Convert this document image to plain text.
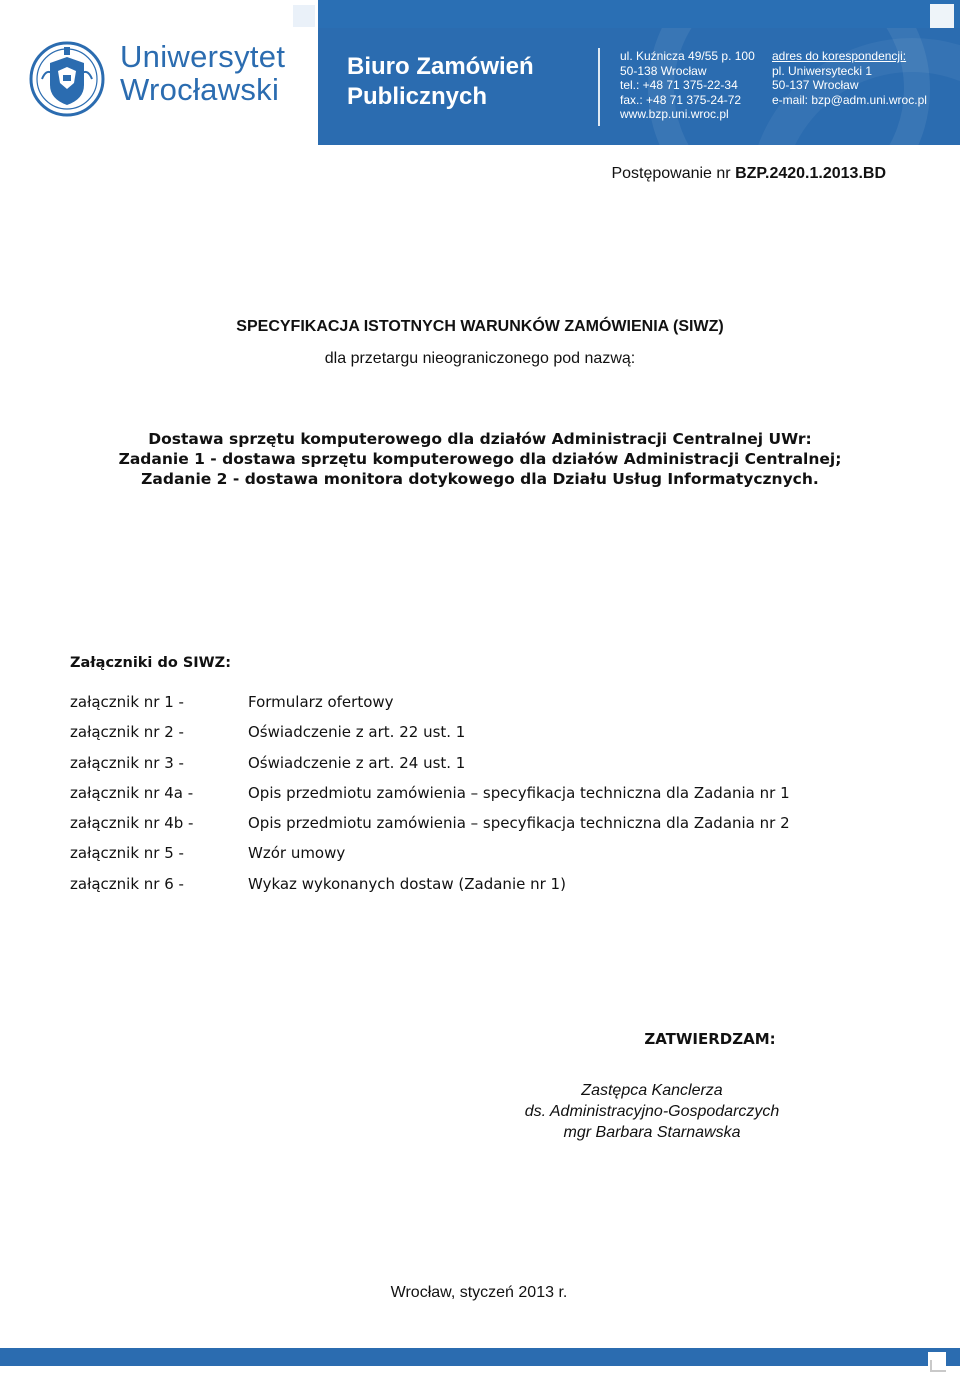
Uniwersytet
Wrocławski
Biuro Zamówień
Publicznych
ul. Kuźnicza 49/55 p. 100
50-138 Wrocław
tel.: +48 71 375-22-34
fax.: +48 71 375-24-72
www.bzp.uni.wroc.pl
adres do korespondencji:
pl. Uniwersytecki 1
50-137 Wrocław
e-mail: bzp@adm.uni.wroc.pl
Postępowanie nr BZP.2420.1.2013.BD
SPECYFIKACJA ISTOTNYCH WARUNKÓW ZAMÓWIENIA (SIWZ)
dla przetargu nieograniczonego pod nazwą:
Dostawa sprzętu komputerowego dla działów Administracji Centralnej UWr:
Zadanie 1 - dostawa sprzętu komputerowego dla działów Administracji Centralnej;
Zadanie 2 - dostawa monitora dotykowego dla Działu Usług Informatycznych.
Załączniki do SIWZ:
załącznik nr 1 -	Formularz ofertowy
załącznik nr 2 -	Oświadczenie z art. 22 ust. 1
załącznik nr 3 -	Oświadczenie z art. 24 ust. 1
załącznik nr 4a -	Opis przedmiotu zamówienia – specyfikacja techniczna dla Zadania nr 1
załącznik nr 4b -	Opis przedmiotu zamówienia – specyfikacja techniczna dla Zadania nr 2
załącznik nr 5 -	Wzór umowy
załącznik nr 6 -	Wykaz wykonanych dostaw (Zadanie nr 1)
ZATWIERDZAM:
Zastępca Kanclerza
ds. Administracyjno-Gospodarczych
mgr Barbara Starnawska
Wrocław, styczeń 2013 r.
